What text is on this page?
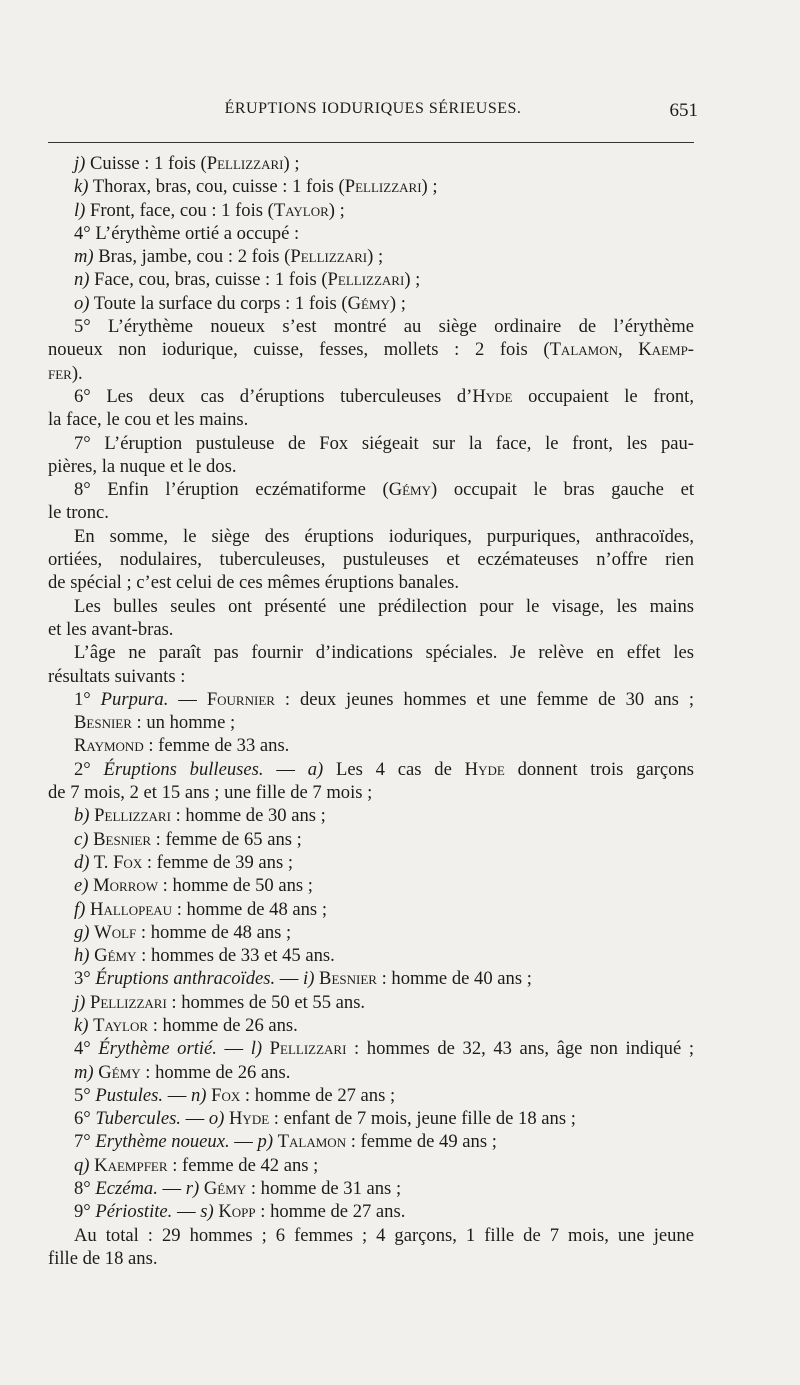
ÉRUPTIONS IODURIQUES SÉRIEUSES.	651
j) Cuisse : 1 fois (Pellizzari) ;
k) Thorax, bras, cou, cuisse : 1 fois (Pellizzari) ;
l) Front, face, cou : 1 fois (Taylor) ;
4° L’érythème ortié a occupé :
m) Bras, jambe, cou : 2 fois (Pellizzari) ;
n) Face, cou, bras, cuisse : 1 fois (Pellizzari) ;
o) Toute la surface du corps : 1 fois (Gémy) ;
5° L’érythème noueux s’est montré au siège ordinaire de l’érythème
noueux non iodurique, cuisse, fesses, mollets : 2 fois (Talamon, Kaemp-
fer).
6° Les deux cas d’éruptions tuberculeuses d’Hyde occupaient le front,
la face, le cou et les mains.
7° L’éruption pustuleuse de Fox siégeait sur la face, le front, les pau-
pières, la nuque et le dos.
8° Enfin l’éruption eczématiforme (Gémy) occupait le bras gauche et
le tronc.
En somme, le siège des éruptions ioduriques, purpuriques, anthracoïdes,
ortiées, nodulaires, tuberculeuses, pustuleuses et eczémateuses n’offre rien
de spécial ; c’est celui de ces mêmes éruptions banales.
Les bulles seules ont présenté une prédilection pour le visage, les mains
et les avant-bras.
L’âge ne paraît pas fournir d’indications spéciales. Je relève en effet les
résultats suivants :
1° Purpura. — Fournier : deux jeunes hommes et une femme de 30 ans ;
Besnier : un homme ;
Raymond : femme de 33 ans.
2° Éruptions bulleuses. — a) Les 4 cas de Hyde donnent trois garçons
de 7 mois, 2 et 15 ans ; une fille de 7 mois ;
b) Pellizzari : homme de 30 ans ;
c) Besnier : femme de 65 ans ;
d) T. Fox : femme de 39 ans ;
e) Morrow : homme de 50 ans ;
f) Hallopeau : homme de 48 ans ;
g) Wolf : homme de 48 ans ;
h) Gémy : hommes de 33 et 45 ans.
3° Éruptions anthracoïdes. — i) Besnier : homme de 40 ans ;
j) Pellizzari : hommes de 50 et 55 ans.
k) Taylor : homme de 26 ans.
4° Érythème ortié. — l) Pellizzari : hommes de 32, 43 ans, âge non indiqué ;
m) Gémy : homme de 26 ans.
5° Pustules. — n) Fox : homme de 27 ans ;
6° Tubercules. — o) Hyde : enfant de 7 mois, jeune fille de 18 ans ;
7° Erythème noueux. — p) Talamon : femme de 49 ans ;
q) Kaempfer : femme de 42 ans ;
8° Eczéma. — r) Gémy : homme de 31 ans ;
9° Périostite. — s) Kopp : homme de 27 ans.
Au total : 29 hommes ; 6 femmes ; 4 garçons, 1 fille de 7 mois, une jeune
fille de 18 ans.
